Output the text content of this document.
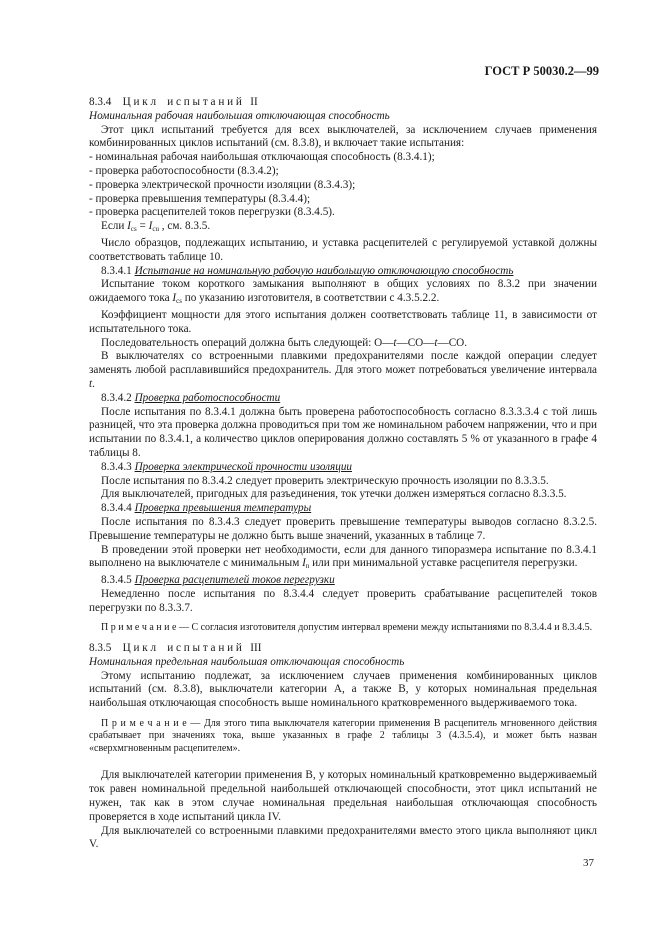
ГОСТ Р 50030.2—99

8.3.4    Ц и к л    и с п ы т а н и й   II

Номинальная рабочая наибольшая отключающая способность

Этот цикл испытаний требуется для всех выключателей, за исключением случаев применения комбинированных циклов испытаний (см. 8.3.8), и включает такие испытания:

- номинальная рабочая наибольшая отключающая способность (8.3.4.1);

- проверка работоспособности (8.3.4.2);

- проверка электрической прочности изоляции (8.3.4.3);

- проверка превышения температуры (8.3.4.4);

- проверка расцепителей токов перегрузки (8.3.4.5).

Если $I_{cs} = I_{cu}$ , см. 8.3.5.

Число образцов, подлежащих испытанию, и уставка расцепителей с регулируемой уставкой должны соответствовать таблице 10.

8.3.4.1 Испытание на номинальную рабочую наибольшую отключающую способность

Испытание током короткого замыкания выполняют в общих условиях по 8.3.2 при значении ожидаемого тока $I_{cs}$ по указанию изготовителя, в соответствии с 4.3.5.2.2.

Коэффициент мощности для этого испытания должен соответствовать таблице 11, в зависимости от испытательного тока.

Последовательность операций должна быть следующей: О—t—СО—t—СО.

В выключателях со встроенными плавкими предохранителями после каждой операции следует заменять любой расплавившийся предохранитель. Для этого может потребоваться увеличение интервала t.

8.3.4.2 Проверка работоспособности

После испытания по 8.3.4.1 должна быть проверена работоспособность согласно 8.3.3.3.4 с той лишь разницей, что эта проверка должна проводиться при том же номинальном рабочем напряжении, что и при испытании по 8.3.4.1, а количество циклов оперирования должно составлять 5 % от указанного в графе 4 таблицы 8.

8.3.4.3 Проверка электрической прочности изоляции

После испытания по 8.3.4.2 следует проверить электрическую прочность изоляции по 8.3.3.5.

Для выключателей, пригодных для разъединения, ток утечки должен измеряться согласно 8.3.3.5.

8.3.4.4 Проверка превышения температуры

После испытания по 8.3.4.3 следует проверить превышение температуры выводов согласно 8.3.2.5. Превышение температуры не должно быть выше значений, указанных в таблице 7.

В проведении этой проверки нет необходимости, если для данного типоразмера испытание по 8.3.4.1 выполнено на выключателе с минимальным $I_n$ или при минимальной уставке расцепителя перегрузки.

8.3.4.5 Проверка расцепителей токов перегрузки

Немедленно после испытания по 8.3.4.4 следует проверить срабатывание расцепителей токов перегрузки по 8.3.3.7.

П р и м е ч а н и е — С согласия изготовителя допустим интервал времени между испытаниями по 8.3.4.4 и 8.3.4.5.

8.3.5    Ц и к л    и с п ы т а н и й   III

Номинальная предельная наибольшая отключающая способность

Этому испытанию подлежат, за исключением случаев применения комбинированных циклов испытаний (см. 8.3.8), выключатели категории А, а также В, у которых номинальная предельная наибольшая отключающая способность выше номинального кратковременного выдерживаемого тока.

П р и м е ч а н и е — Для этого типа выключателя категории применения В расцепитель мгновенного действия срабатывает при значениях тока, выше указанных в графе 2 таблицы 3 (4.3.5.4), и может быть назван «сверхмгновенным расцепителем».

Для выключателей категории применения В, у которых номинальный кратковременно выдерживаемый ток равен номинальной предельной наибольшей отключающей способности, этот цикл испытаний не нужен, так как в этом случае номинальная предельная наибольшая отключающая способность проверяется в ходе испытаний цикла IV.

Для выключателей со встроенными плавкими предохранителями вместо этого цикла выполняют цикл V.

37
